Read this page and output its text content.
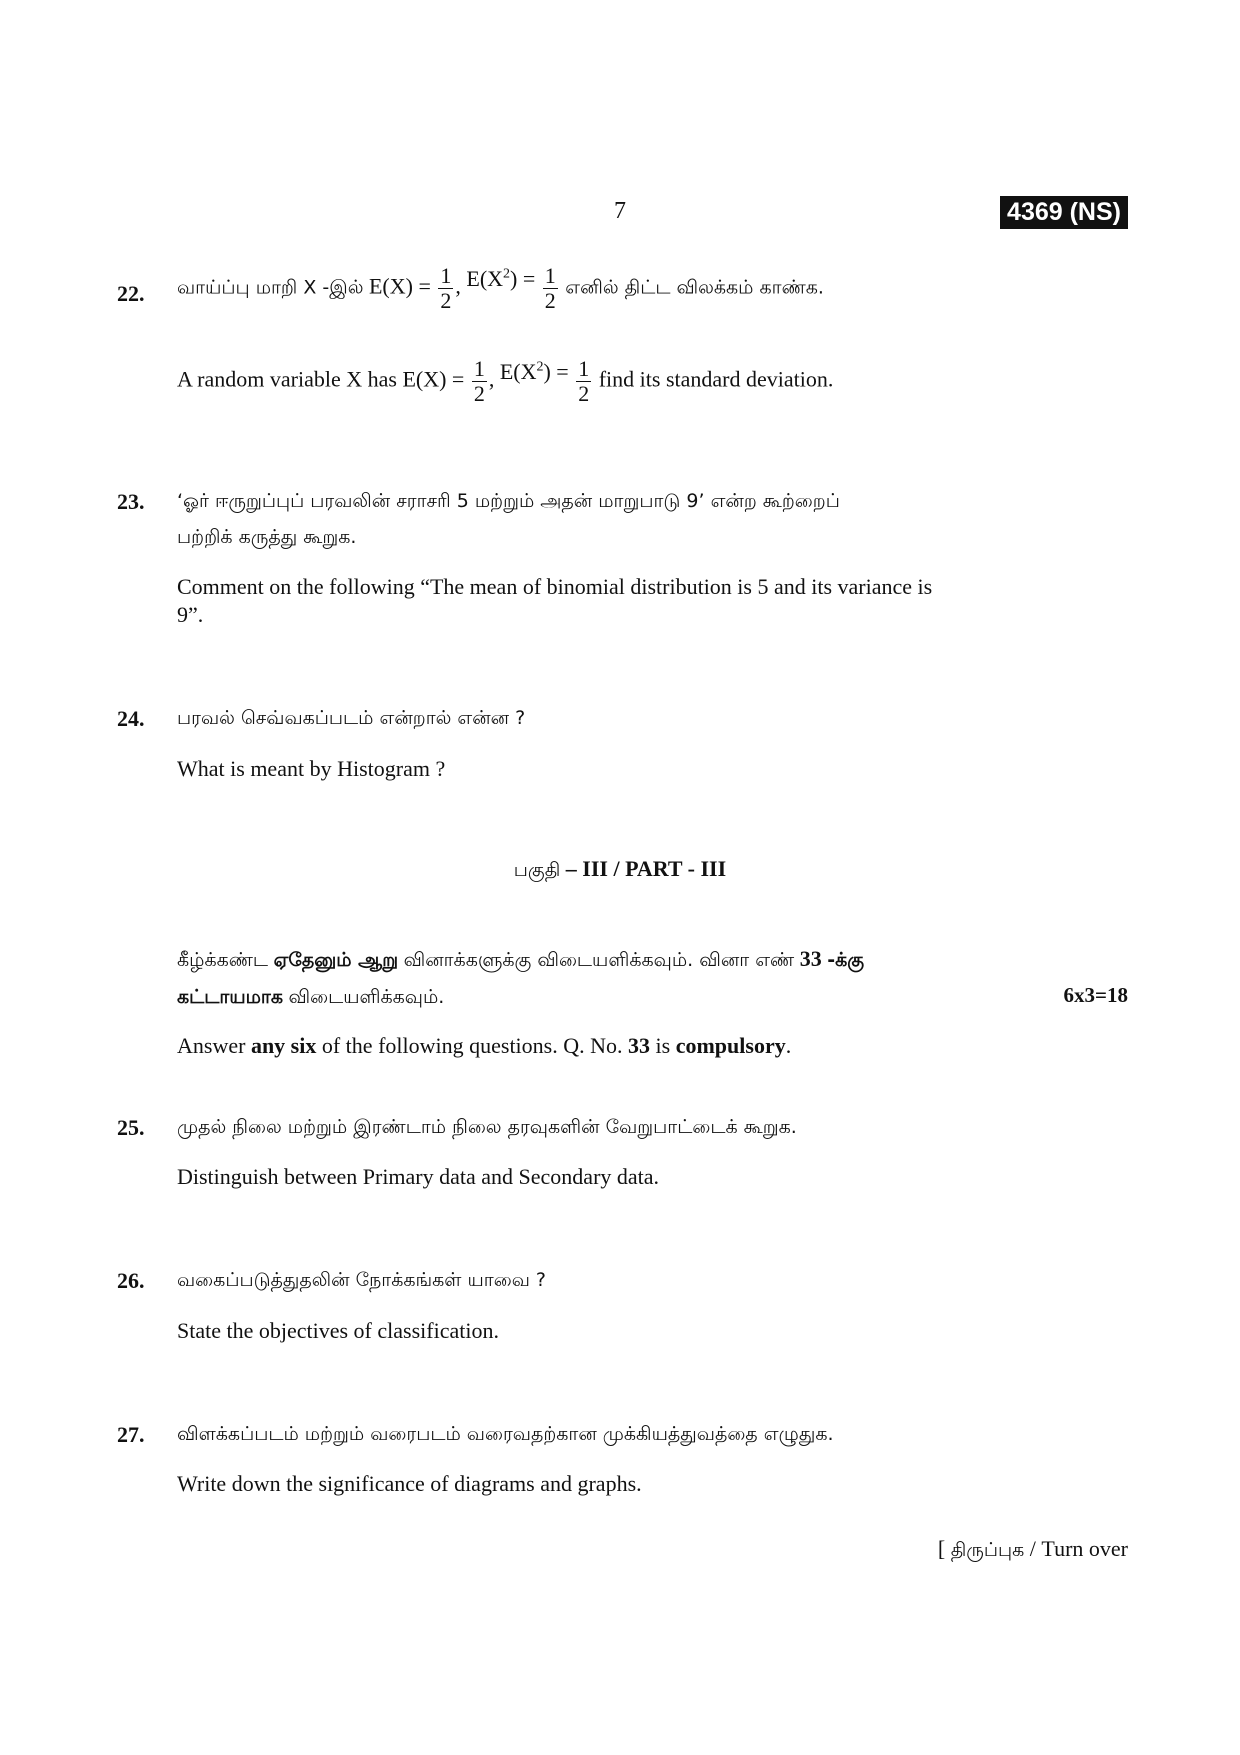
7	4369 (NS)
22. வாய்ப்பு மாறி X -இல் $E(X) = \frac{1}{2}$ , $E(X^2) = \frac{1}{2}$ எனில் திட்ட விலக்கம் காண்க.
A random variable X has $E(X) = \frac{1}{2}$ , $E(X^2) = \frac{1}{2}$ find its standard deviation.
23. ‘ஓர் ஈருறுப்புப் பரவலின் சராசரி 5 மற்றும் அதன் மாறுபாடு 9’ என்ற கூற்றைப்
பற்றிக் கருத்து கூறுக.
Comment on the following “The mean of binomial distribution is 5 and its variance is
9”.
24. பரவல் செவ்வகப்படம் என்றால் என்ன ?
What is meant by Histogram ?
பகுதி – III / PART - III
கீழ்க்கண்ட ஏதேனும் ஆறு வினாக்களுக்கு விடையளிக்கவும். வினா எண் 33 -க்கு
கட்டாயமாக விடையளிக்கவும்.	6x3=18
Answer any six of the following questions. Q. No. 33 is compulsory.
25. முதல் நிலை மற்றும் இரண்டாம் நிலை தரவுகளின் வேறுபாட்டைக் கூறுக.
Distinguish between Primary data and Secondary data.
26. வகைப்படுத்துதலின் நோக்கங்கள் யாவை ?
State the objectives of classification.
27. விளக்கப்படம் மற்றும் வரைபடம் வரைவதற்கான முக்கியத்துவத்தை எழுதுக.
Write down the significance of diagrams and graphs.
[ திருப்புக / Turn over
